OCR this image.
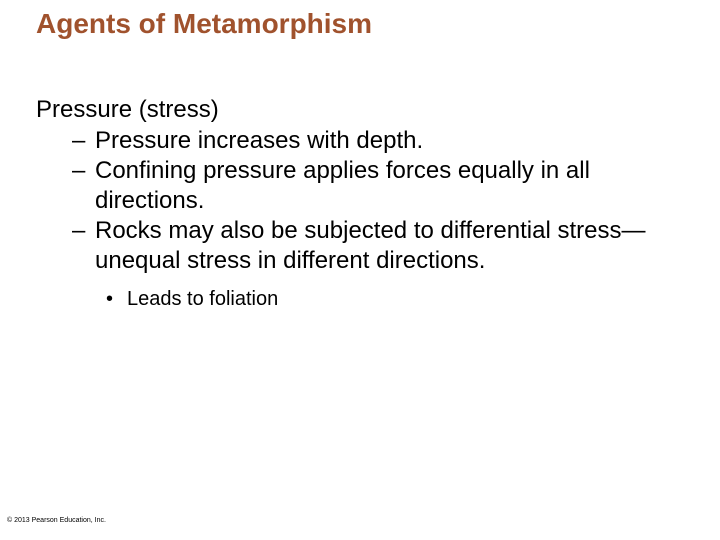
Agents of Metamorphism

Pressure (stress)

– Pressure increases with depth.

– Confining pressure applies forces equally in all directions.

– Rocks may also be subjected to differential stress—unequal stress in different directions.

• Leads to foliation

© 2013 Pearson Education, Inc.
